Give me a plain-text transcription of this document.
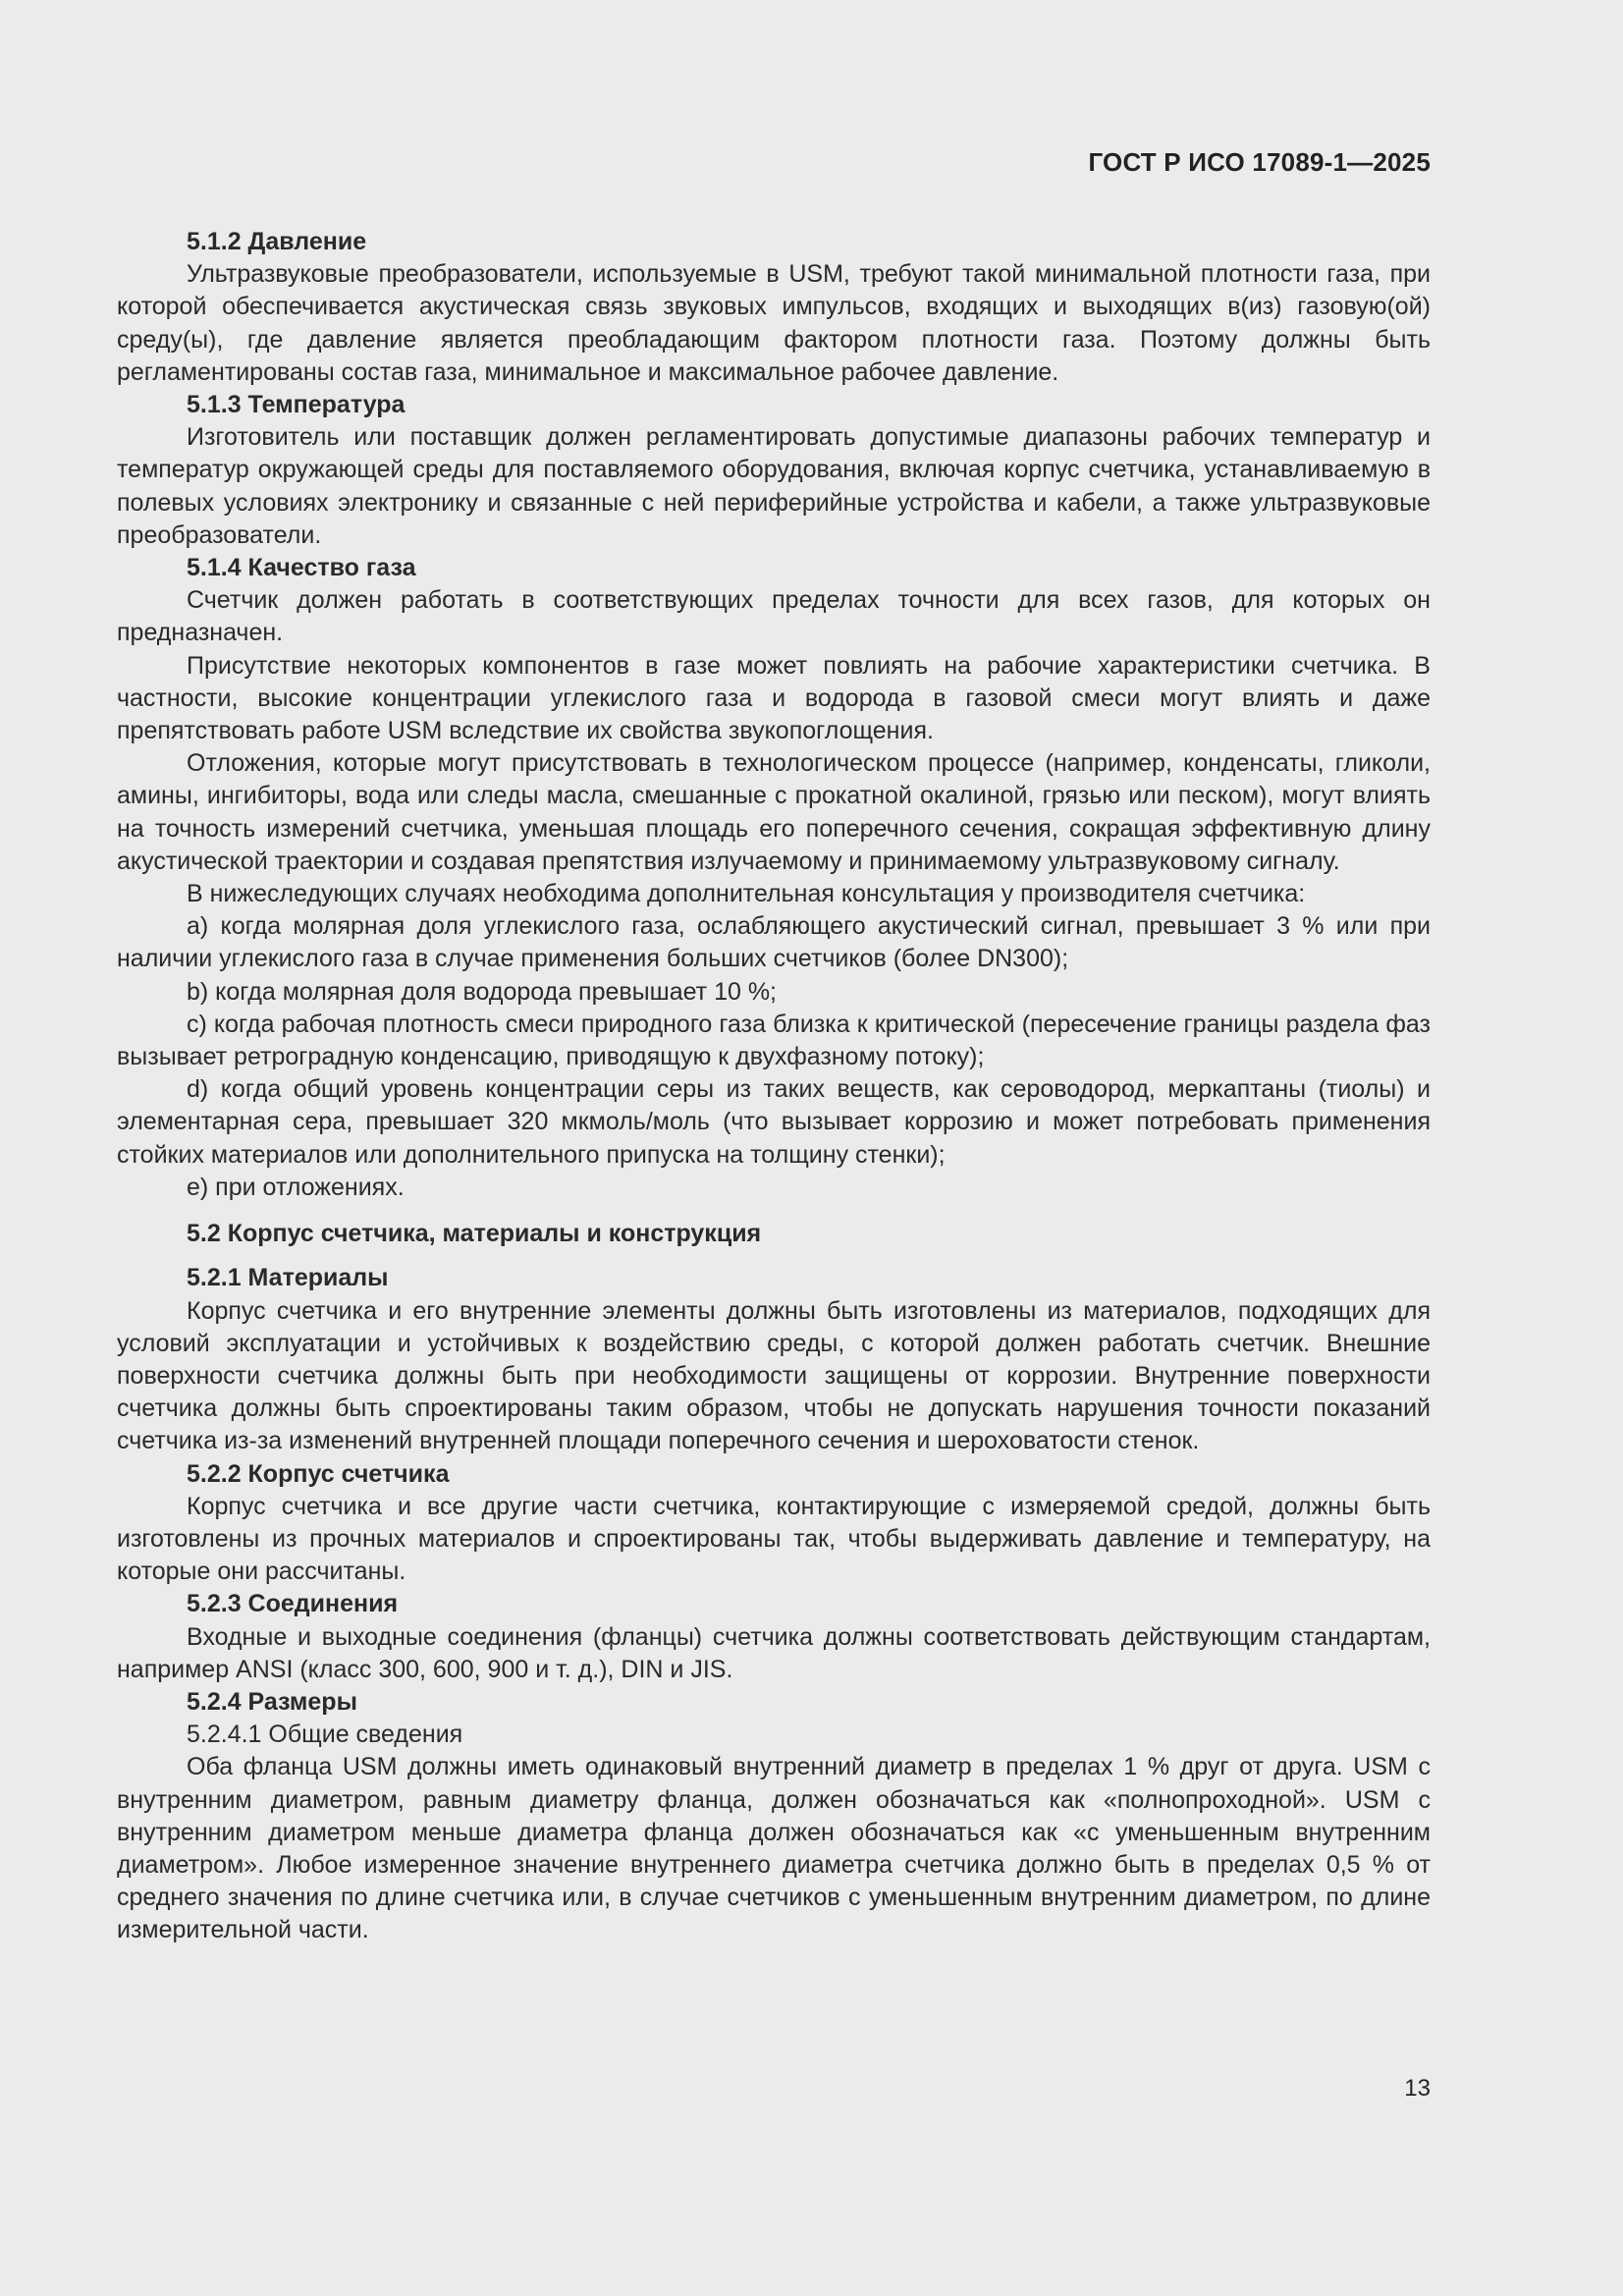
ГОСТ Р ИСО 17089-1—2025

5.1.2 Давление

Ультразвуковые преобразователи, используемые в USM, требуют такой минимальной плотности газа, при которой обеспечивается акустическая связь звуковых импульсов, входящих и выходящих в(из) газовую(ой) среду(ы), где давление является преобладающим фактором плотности газа. Поэтому должны быть регламентированы состав газа, минимальное и максимальное рабочее давление.

5.1.3 Температура

Изготовитель или поставщик должен регламентировать допустимые диапазоны рабочих температур и температур окружающей среды для поставляемого оборудования, включая корпус счетчика, устанавливаемую в полевых условиях электронику и связанные с ней периферийные устройства и кабели, а также ультразвуковые преобразователи.

5.1.4 Качество газа

Счетчик должен работать в соответствующих пределах точности для всех газов, для которых он предназначен.

Присутствие некоторых компонентов в газе может повлиять на рабочие характеристики счетчика. В частности, высокие концентрации углекислого газа и водорода в газовой смеси могут влиять и даже препятствовать работе USM вследствие их свойства звукопоглощения.

Отложения, которые могут присутствовать в технологическом процессе (например, конденсаты, гликоли, амины, ингибиторы, вода или следы масла, смешанные с прокатной окалиной, грязью или песком), могут влиять на точность измерений счетчика, уменьшая площадь его поперечного сечения, сокращая эффективную длину акустической траектории и создавая препятствия излучаемому и принимаемому ультразвуковому сигналу.

В нижеследующих случаях необходима дополнительная консультация у производителя счетчика:

а) когда молярная доля углекислого газа, ослабляющего акустический сигнал, превышает 3 % или при наличии углекислого газа в случае применения больших счетчиков (более DN300);

b) когда молярная доля водорода превышает 10 %;

c) когда рабочая плотность смеси природного газа близка к критической (пересечение границы раздела фаз вызывает ретроградную конденсацию, приводящую к двухфазному потоку);

d) когда общий уровень концентрации серы из таких веществ, как сероводород, меркаптаны (тиолы) и элементарная сера, превышает 320 мкмоль/моль (что вызывает коррозию и может потребовать применения стойких материалов или дополнительного припуска на толщину стенки);

e) при отложениях.

5.2 Корпус счетчика, материалы и конструкция

5.2.1 Материалы

Корпус счетчика и его внутренние элементы должны быть изготовлены из материалов, подходящих для условий эксплуатации и устойчивых к воздействию среды, с которой должен работать счетчик. Внешние поверхности счетчика должны быть при необходимости защищены от коррозии. Внутренние поверхности счетчика должны быть спроектированы таким образом, чтобы не допускать нарушения точности показаний счетчика из-за изменений внутренней площади поперечного сечения и шероховатости стенок.

5.2.2 Корпус счетчика

Корпус счетчика и все другие части счетчика, контактирующие с измеряемой средой, должны быть изготовлены из прочных материалов и спроектированы так, чтобы выдерживать давление и температуру, на которые они рассчитаны.

5.2.3 Соединения

Входные и выходные соединения (фланцы) счетчика должны соответствовать действующим стандартам, например ANSI (класс 300, 600, 900 и т. д.), DIN и JIS.

5.2.4 Размеры

5.2.4.1 Общие сведения

Оба фланца USM должны иметь одинаковый внутренний диаметр в пределах 1 % друг от друга. USM с внутренним диаметром, равным диаметру фланца, должен обозначаться как «полнопроходной». USM с внутренним диаметром меньше диаметра фланца должен обозначаться как «с уменьшенным внутренним диаметром». Любое измеренное значение внутреннего диаметра счетчика должно быть в пределах 0,5 % от среднего значения по длине счетчика или, в случае счетчиков с уменьшенным внутренним диаметром, по длине измерительной части.

13
